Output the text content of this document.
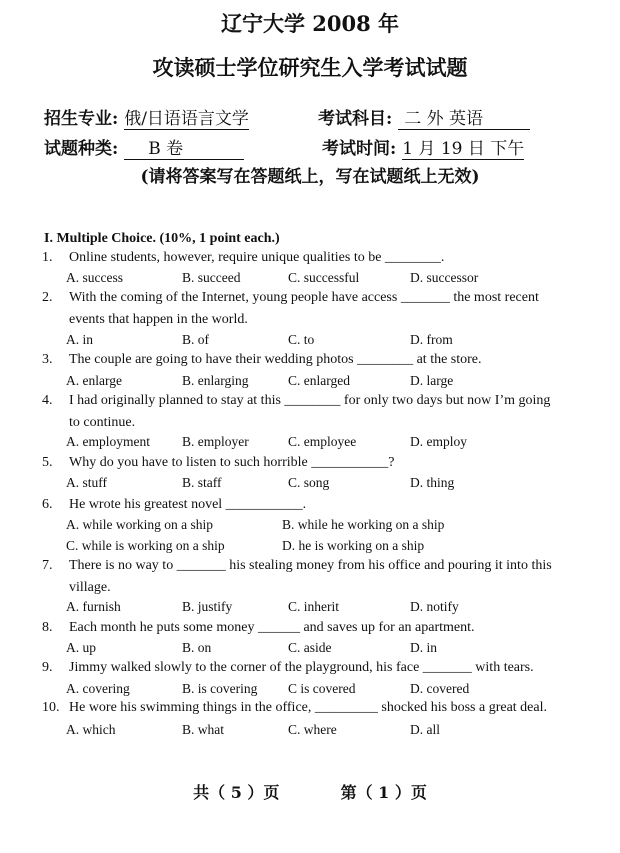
辽宁大学 2008 年
攻读硕士学位研究生入学考试试题
招生专业: 俄/日语语言文学	考试科目: 二 外 英语
试题种类: B 卷	考试时间: 1 月 19 日 下午
(请将答案写在答题纸上，写在试题纸上无效)
I. Multiple Choice. (10%, 1 point each.)
1. Online students, however, require unique qualities to be ________.
A. success	B. succeed	C. successful	D. successor
2. With the coming of the Internet, young people have access _______ the most recent
events that happen in the world.
A. in	B. of	C. to	D. from
3. The couple are going to have their wedding photos ________ at the store.
A. enlarge	B. enlarging	C. enlarged	D. large
4. I had originally planned to stay at this ________ for only two days but now I’m going
to continue.
A. employment B. employer	C. employee	D. employ
5. Why do you have to listen to such horrible ___________?
A. stuff	B. staff	C. song	D. thing
6. He wrote his greatest novel ___________.
A. while working on a ship	B. while he working on a ship
C. while is working on a ship	D. he is working on a ship
7. There is no way to _______ his stealing money from his office and pouring it into this
village.
A. furnish	B. justify	C. inherit	D. notify
8. Each month he puts some money ______ and saves up for an apartment.
A. up	B. on	C. aside	D. in
9. Jimmy walked slowly to the corner of the playground, his face _______ with tears.
A. covering	B. is covering C is covered	D. covered
10. He wore his swimming things in the office, _________ shocked his boss a great deal.
A. which	B. what	C. where	D. all
共（ 5 ）页	第（ 1 ）页
